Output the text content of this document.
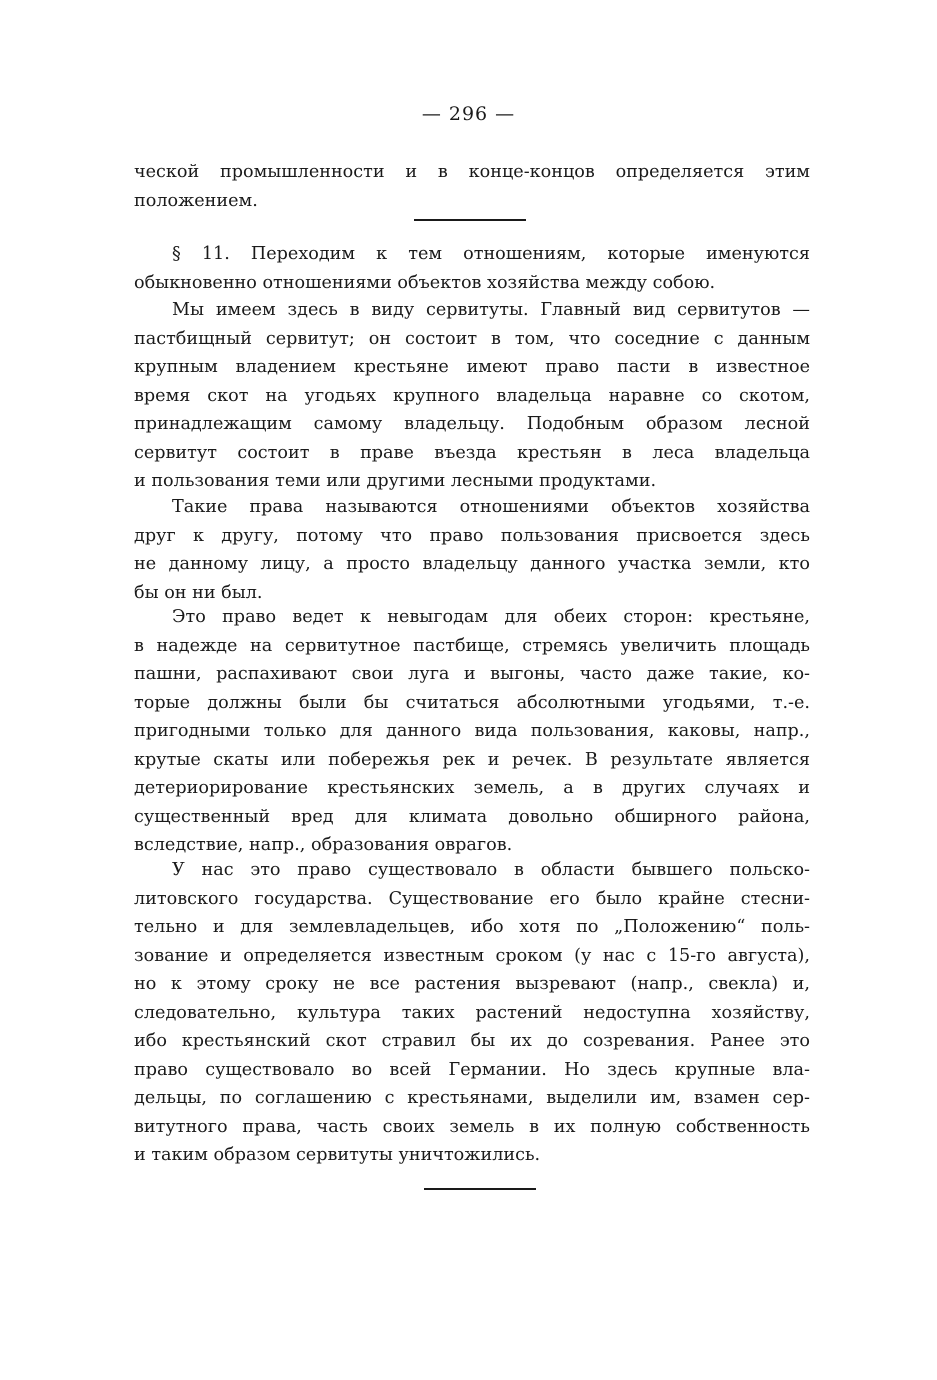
— 296 —
ческой промышленности и в конце-концов определяется этим
положением.
§ 11. Переходим к тем отношениям, которые именуются
обыкновенно отношениями объектов хозяйства между собою.
Мы имеем здесь в виду сервитуты. Главный вид сервитутов —
пастбищный сервитут; он состоит в том, что соседние с данным
крупным владением крестьяне имеют право пасти в известное
время скот на угодьях крупного владельца наравне со скотом,
принадлежащим самому владельцу. Подобным образом лесной
сервитут состоит в праве въезда крестьян в леса владельца
и пользования теми или другими лесными продуктами.
Такие права называются отношениями объектов хозяйства
друг к другу, потому что право пользования присвоется здесь
не данному лицу, а просто владельцу данного участка земли, кто
бы он ни был.
Это право ведет к невыгодам для обеих сторон: крестьяне,
в надежде на сервитутное пастбище, стремясь увеличить площадь
пашни, распахивают свои луга и выгоны, часто даже такие, ко-
торые должны были бы считаться абсолютными угодьями, т.-е.
пригодными только для данного вида пользования, каковы, напр.,
крутые скаты или побережья рек и речек. В результате является
детериорирование крестьянских земель, а в других случаях и
существенный вред для климата довольно обширного района,
вследствие, напр., образования оврагов.
У нас это право существовало в области бывшего польско-
литовского государства. Существование его было крайне стесни-
тельно и для землевладельцев, ибо хотя по „Положению“ поль-
зование и определяется известным сроком (у нас с 15-го августа),
но к этому сроку не все растения вызревают (напр., свекла) и,
следовательно, культура таких растений недоступна хозяйству,
ибо крестьянский скот стравил бы их до созревания. Ранее это
право существовало во всей Германии. Но здесь крупные вла-
дельцы, по соглашению с крестьянами, выделили им, взамен сер-
витутного права, часть своих земель в их полную собственность
и таким образом сервитуты уничтожились.
